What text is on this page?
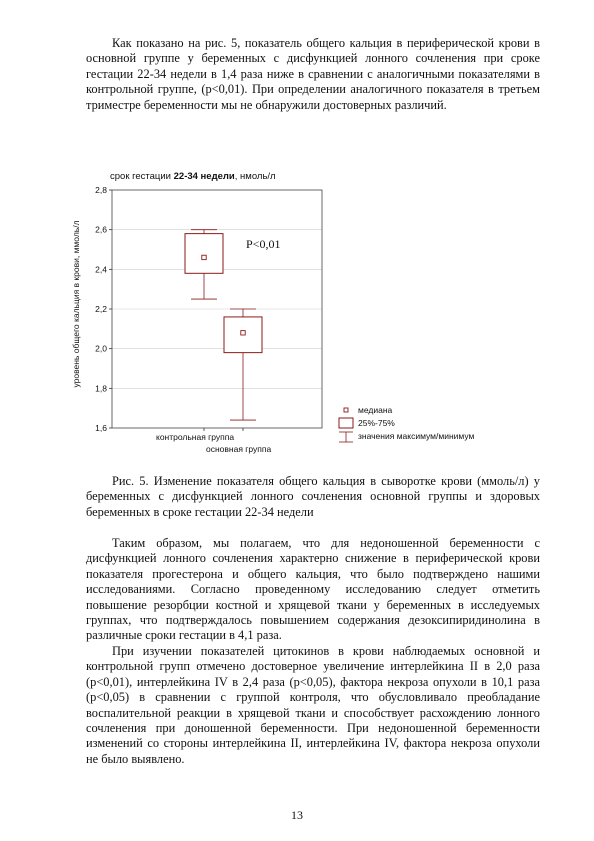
Как показано на рис. 5, показатель общего кальция в периферической крови в основной группе у беременных с дисфункцией лонного сочленения при сроке гестации 22-34 недели в 1,4 раза ниже в сравнении с аналогичными показателями в контрольной группе, (р<0,01). При определении аналогичного показателя в третьем триместре беременности мы не обнаружили достоверных различий.

срок гестации 22-34 недели, нмоль/л
уровень общего кальция в крови, ммоль/л
1,6
1,8
2,0
2,2
2,4
2,6
2,8
контрольная группа
основная группа
P<0,01
медиана
25%-75%
значения максимум/минимум

Рис. 5. Изменение показателя общего кальция в сыворотке крови (ммоль/л) у беременных с дисфункцией лонного сочленения основной группы и здоровых беременных в сроке гестации 22-34 недели

Таким образом, мы полагаем, что для недоношенной беременности с дисфункцией лонного сочленения характерно снижение в периферической крови показателя прогестерона и общего кальция, что было подтверждено нашими исследованиями. Согласно проведенному исследованию следует отметить повышение резорбции костной и хрящевой ткани у беременных в исследуемых группах, что подтверждалось повышением содержания дезоксипиридинолина в различные сроки гестации в 4,1 раза.

При изучении показателей цитокинов в крови наблюдаемых основной и контрольной групп отмечено достоверное увеличение интерлейкина II в 2,0 раза (р<0,01), интерлейкина IV в 2,4 раза (р<0,05), фактора некроза опухоли в 10,1 раза (р<0,05) в сравнении с группой контроля, что обусловливало преобладание воспалительной реакции в хрящевой ткани и способствует расхождению лонного сочленения при доношенной беременности. При недоношенной беременности изменений со стороны интерлейкина II, интерлейкина IV, фактора некроза опухоли не было выявлено.

13
